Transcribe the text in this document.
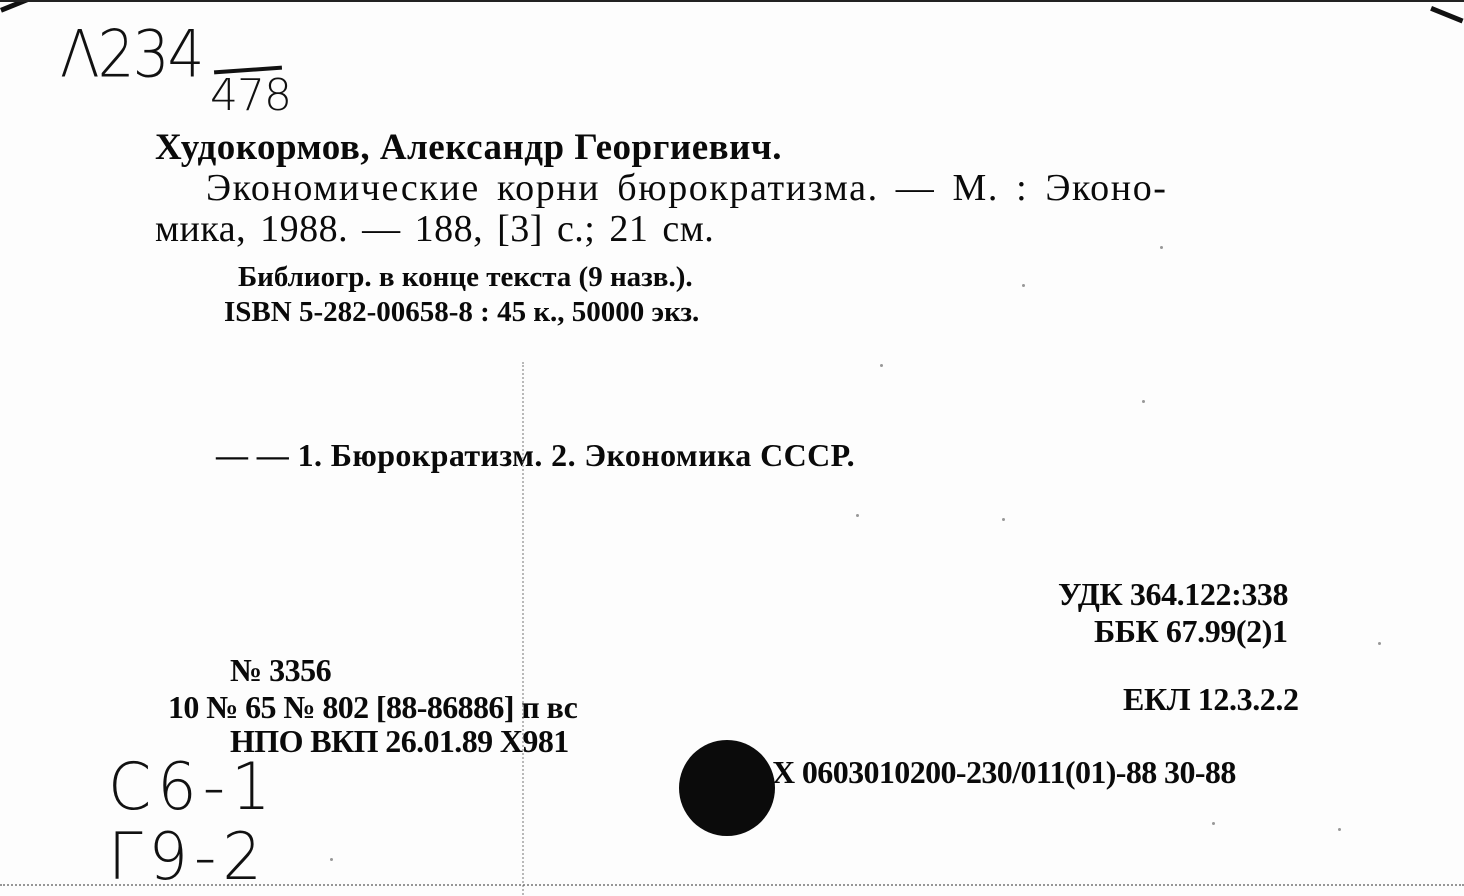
Λ234
478
Худокормов, Александр Георгиевич.
Экономические корни бюрократизма. — М. : Эконо-
мика, 1988. — 188, [3] с.; 21 см.
Библиогр. в конце текста (9 назв.).
ISBN 5-282-00658-8 : 45 к., 50000 экз.
— — 1. Бюрократизм. 2. Экономика СССР.
УДК 364.122:338
ББК 67.99(2)1
ЕКЛ 12.3.2.2
Х 0603010200-230/011(01)-88 30-88
№ 3356
10 № 65 № 802 [88-86886] п вс
НПО ВКП 26.01.89 Х981
C6-1
Г9-2
